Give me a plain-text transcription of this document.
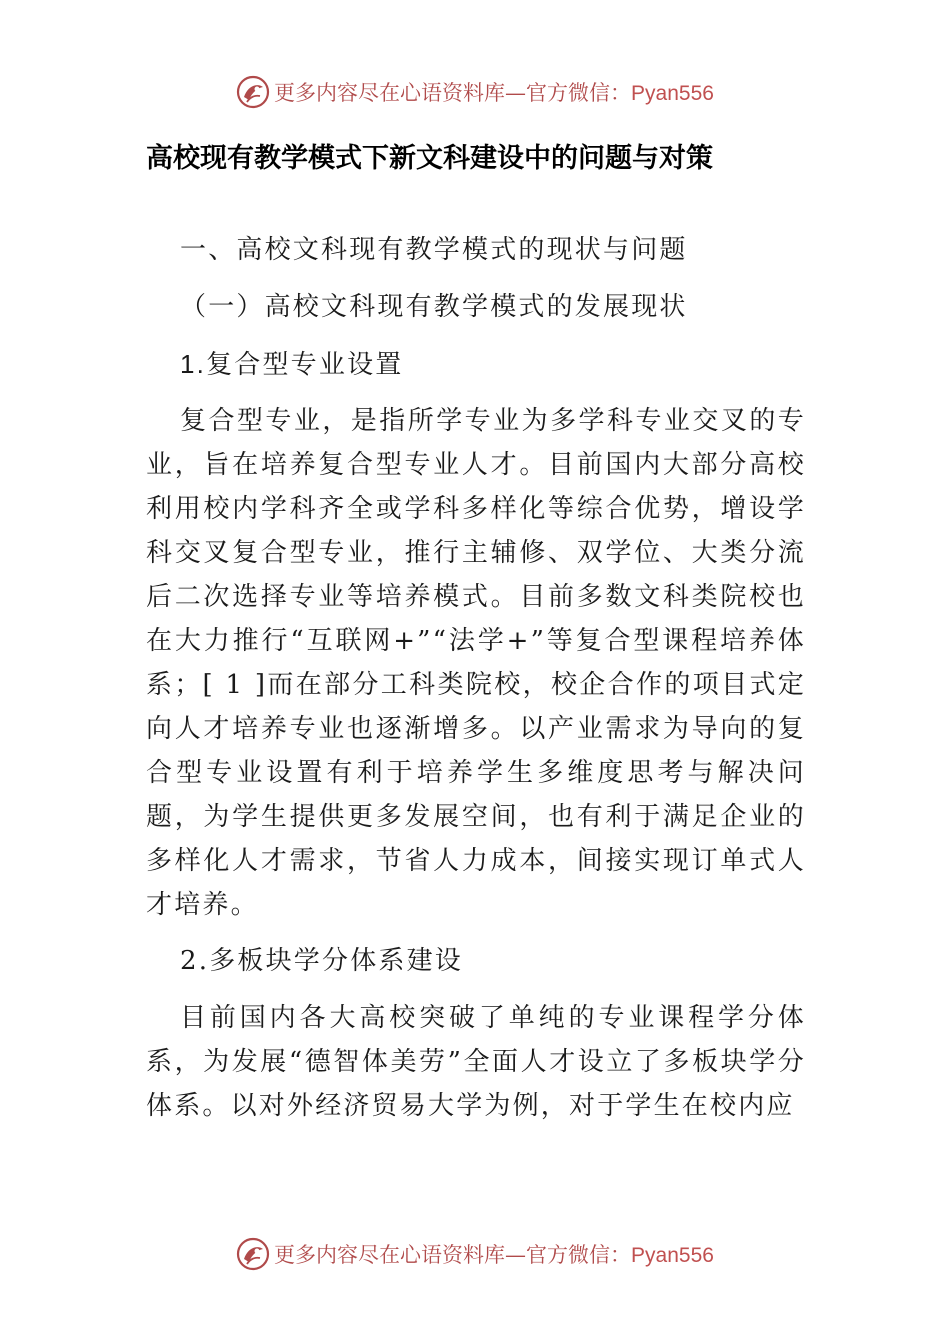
更多内容尽在心语资料库—官方微信：Pyan556
高校现有教学模式下新文科建设中的问题与对策

一、高校文科现有教学模式的现状与问题

（一）高校文科现有教学模式的发展现状

1.复合型专业设置

复合型专业，是指所学专业为多学科专业交叉的专业，旨在培养复合型专业人才。目前国内大部分高校利用校内学科齐全或学科多样化等综合优势，增设学科交叉复合型专业，推行主辅修、双学位、大类分流后二次选择专业等培养模式。目前多数文科类院校也在大力推行“互联网+”“法学+”等复合型课程培养体系；[ 1 ]而在部分工科类院校，校企合作的项目式定向人才培养专业也逐渐增多。以产业需求为导向的复合型专业设置有利于培养学生多维度思考与解决问题，为学生提供更多发展空间，也有利于满足企业的多样化人才需求，节省人力成本，间接实现订单式人才培养。

2.多板块学分体系建设

目前国内各大高校突破了单纯的专业课程学分体系，为发展“德智体美劳”全面人才设立了多板块学分体系。以对外经济贸易大学为例，对于学生在校内应

更多内容尽在心语资料库—官方微信：Pyan556
